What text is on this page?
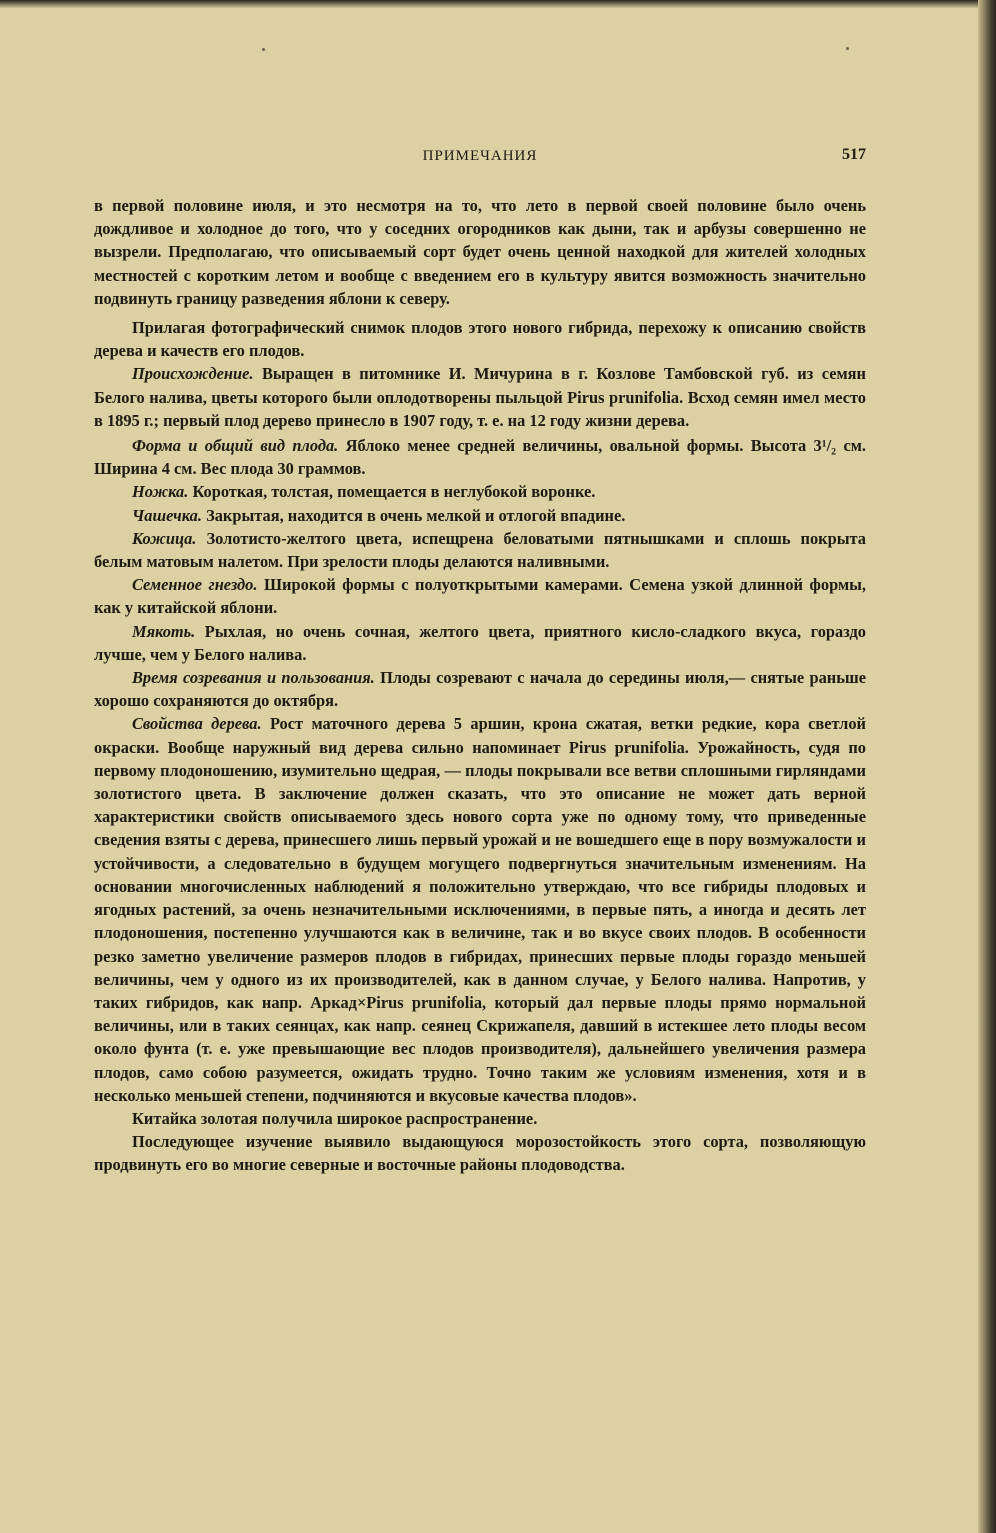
ПРИМЕЧАНИЯ	517

в первой половине июля, и это несмотря на то, что лето в первой своей половине было очень дождливое и холодное до того, что у соседних огородников как дыни, так и арбузы совершенно не вызрели. Предполагаю, что описываемый сорт будет очень ценной находкой для жителей холодных местностей с коротким летом и вообще с введением его в культуру явится возможность значительно подвинуть границу разведения яблони к северу.

Прилагая фотографический снимок плодов этого нового гибрида, перехожу к описанию свойств дерева и качеств его плодов.

Происхождение. Выращен в питомнике И. Мичурина в г. Козлове Тамбовской губ. из семян Белого налива, цветы которого были оплодотворены пыльцой Pirus prunifolia. Всход семян имел место в 1895 г.; первый плод дерево принесло в 1907 году, т. е. на 12 году жизни дерева.

Форма и общий вид плода. Яблоко менее средней величины, овальной формы. Высота 3¹/₂ см. Ширина 4 см. Вес плода 30 граммов.

Ножка. Короткая, толстая, помещается в неглубокой воронке.

Чашечка. Закрытая, находится в очень мелкой и отлогой впадине.

Кожица. Золотисто-желтого цвета, испещрена беловатыми пятнышками и сплошь покрыта белым матовым налетом. При зрелости плоды делаются наливными.

Семенное гнездо. Широкой формы с полуоткрытыми камерами. Семена узкой длинной формы, как у китайской яблони.

Мякоть. Рыхлая, но очень сочная, желтого цвета, приятного кисло-сладкого вкуса, гораздо лучше, чем у Белого налива.

Время созревания и пользования. Плоды созревают с начала до середины июля,— снятые раньше хорошо сохраняются до октября.

Свойства дерева. Рост маточного дерева 5 аршин, крона сжатая, ветки редкие, кора светлой окраски. Вообще наружный вид дерева сильно напоминает Pirus prunifolia. Урожайность, судя по первому плодоношению, изумительно щедрая, — плоды покрывали все ветви сплошными гирляндами золотистого цвета. В заключение должен сказать, что это описание не может дать верной характеристики свойств описываемого здесь нового сорта уже по одному тому, что приведенные сведения взяты с дерева, принесшего лишь первый урожай и не вошедшего еще в пору возмужалости и устойчивости, а следовательно в будущем могущего подвергнуться значительным изменениям. На основании многочисленных наблюдений я положительно утверждаю, что все гибриды плодовых и ягодных растений, за очень незначительными исключениями, в первые пять, а иногда и десять лет плодоношения, постепенно улучшаются как в величине, так и во вкусе своих плодов. В особенности резко заметно увеличение размеров плодов в гибридах, принесших первые плоды гораздо меньшей величины, чем у одного из их производителей, как в данном случае, у Белого налива. Напротив, у таких гибридов, как напр. Аркад×Pirus prunifolia, который дал первые плоды прямо нормальной величины, или в таких сеянцах, как напр. сеянец Скрижапеля, давший в истекшее лето плоды весом около фунта (т. е. уже превышающие вес плодов производителя), дальнейшего увеличения размера плодов, само собою разумеется, ожидать трудно. Точно таким же условиям изменения, хотя и в несколько меньшей степени, подчиняются и вкусовые качества плодов».

Китайка золотая получила широкое распространение.

Последующее изучение выявило выдающуюся морозостойкость этого сорта, позволяющую продвинуть его во многие северные и восточные районы плодоводства.
